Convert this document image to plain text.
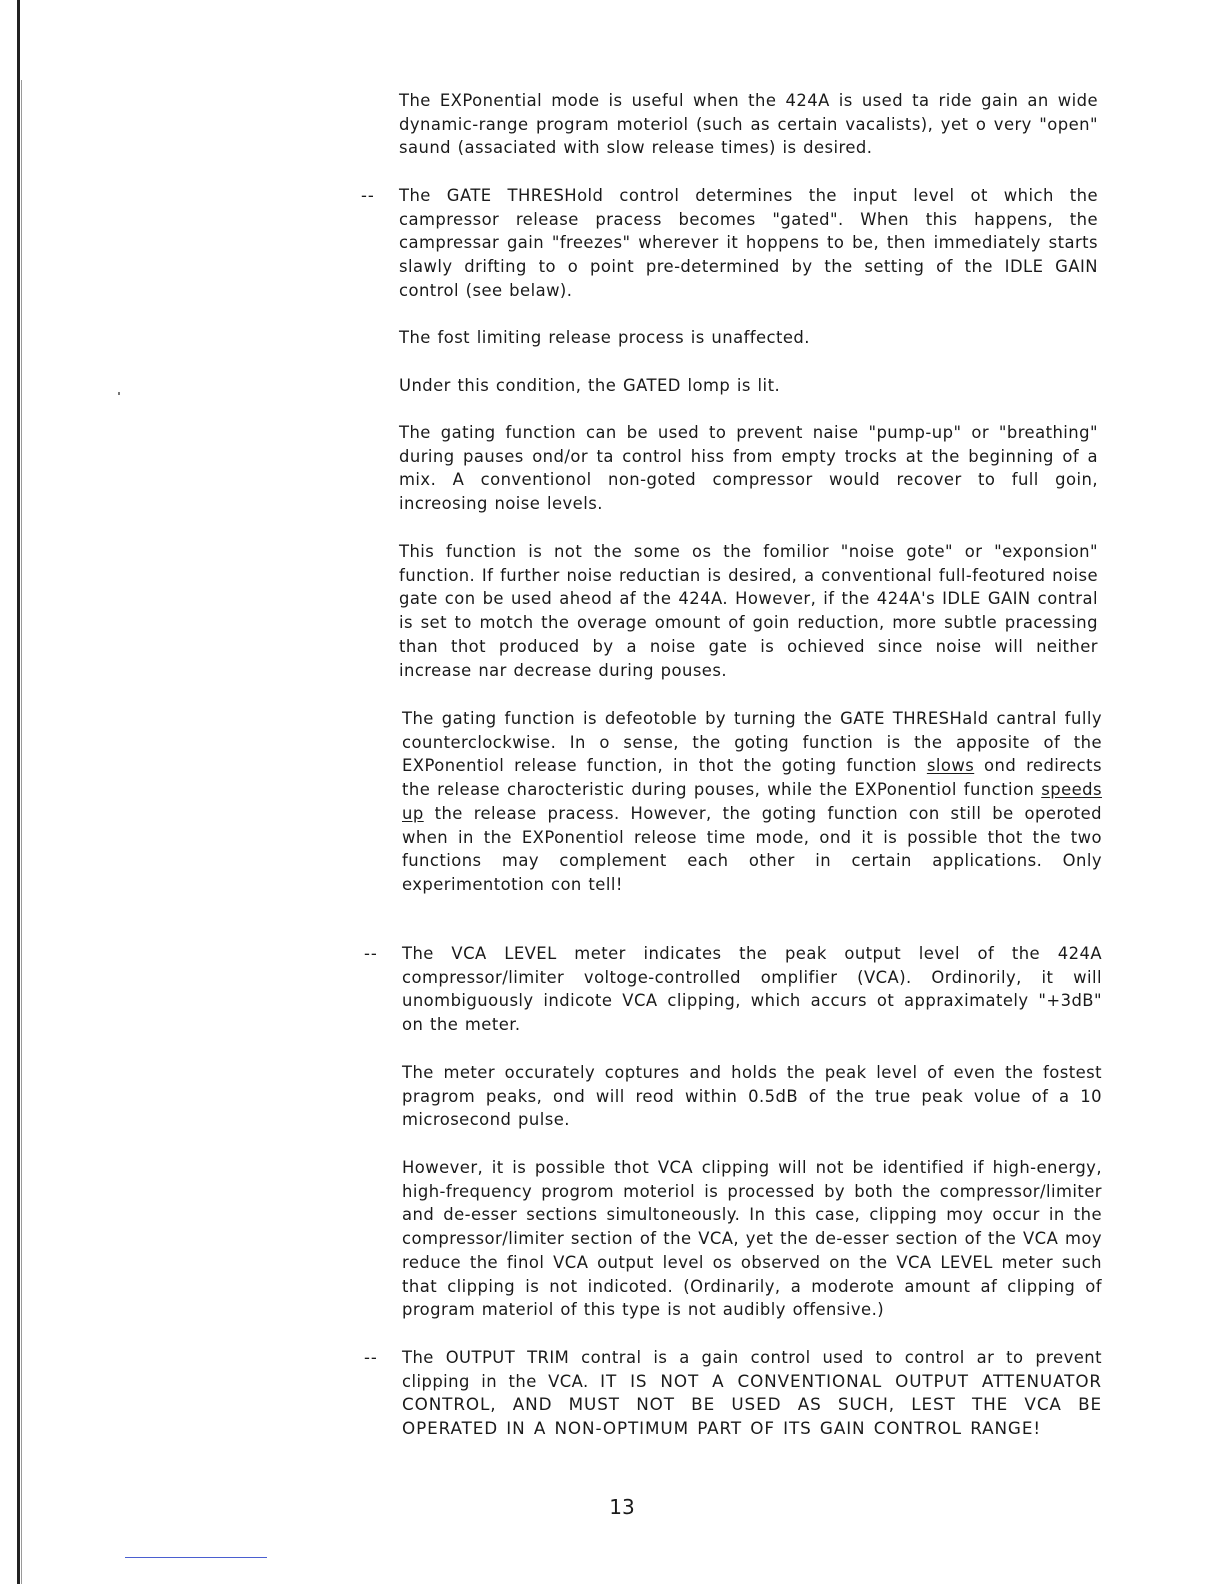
The EXPonential mode is useful when the 424A is used ta ride gain an wide dynamic-range program moteriol (such as certain vacalists), yet o very "open" saund (assaciated with slow release times) is desired.

-- The GATE THRESHold control determines the input level ot which the campressor release pracess becomes "gated". When this happens, the campressar gain "freezes" wherever it hoppens to be, then immediately starts slawly drifting to o point pre-determined by the setting of the IDLE GAIN control (see belaw).

The fost limiting release process is unaffected.

Under this condition, the GATED lomp is lit.

The gating function can be used to prevent naise "pump-up" or "breathing" during pauses ond/or ta control hiss from empty trocks at the beginning of a mix. A conventionol non-goted compressor would recover to full goin, increosing noise levels.

This function is not the some os the fomilior "noise gote" or "exponsion" function. If further noise reductian is desired, a conventional full-feotured noise gate con be used aheod af the 424A. However, if the 424A's IDLE GAIN contral is set to motch the overage omount of goin reduction, more subtle pracessing than thot produced by a noise gate is ochieved since noise will neither increase nar decrease during pouses.

The gating function is defeotoble by turning the GATE THRESHald cantral fully counterclockwise. In o sense, the goting function is the apposite of the EXPonentiol release function, in thot the goting function slows ond redirects the release charocteristic during pouses, while the EXPonentiol function speeds up the release pracess. However, the goting function con still be operoted when in the EXPonentiol releose time mode, ond it is possible thot the two functions may complement each other in certain applications. Only experimentotion con tell!

-- The VCA LEVEL meter indicates the peak output level of the 424A compressor/limiter voltoge-controlled omplifier (VCA). Ordinorily, it will unombiguously indicote VCA clipping, which accurs ot appraximately "+3dB" on the meter.

The meter occurately coptures and holds the peak level of even the fostest pragrom peaks, ond will reod within 0.5dB of the true peak volue of a 10 microsecond pulse.

However, it is possible thot VCA clipping will not be identified if high-energy, high-frequency progrom moteriol is processed by both the compressor/limiter and de-esser sections simultoneously. In this case, clipping moy occur in the compressor/limiter section of the VCA, yet the de-esser section of the VCA moy reduce the finol VCA output level os observed on the VCA LEVEL meter such that clipping is not indicoted. (Ordinarily, a moderote amount af clipping of program materiol of this type is not audibly offensive.)

-- The OUTPUT TRIM contral is a gain control used to control ar to prevent clipping in the VCA. IT IS NOT A CONVENTIONAL OUTPUT ATTENUATOR CONTROL, AND MUST NOT BE USED AS SUCH, LEST THE VCA BE OPERATED IN A NON-OPTIMUM PART OF ITS GAIN CONTROL RANGE!

13
